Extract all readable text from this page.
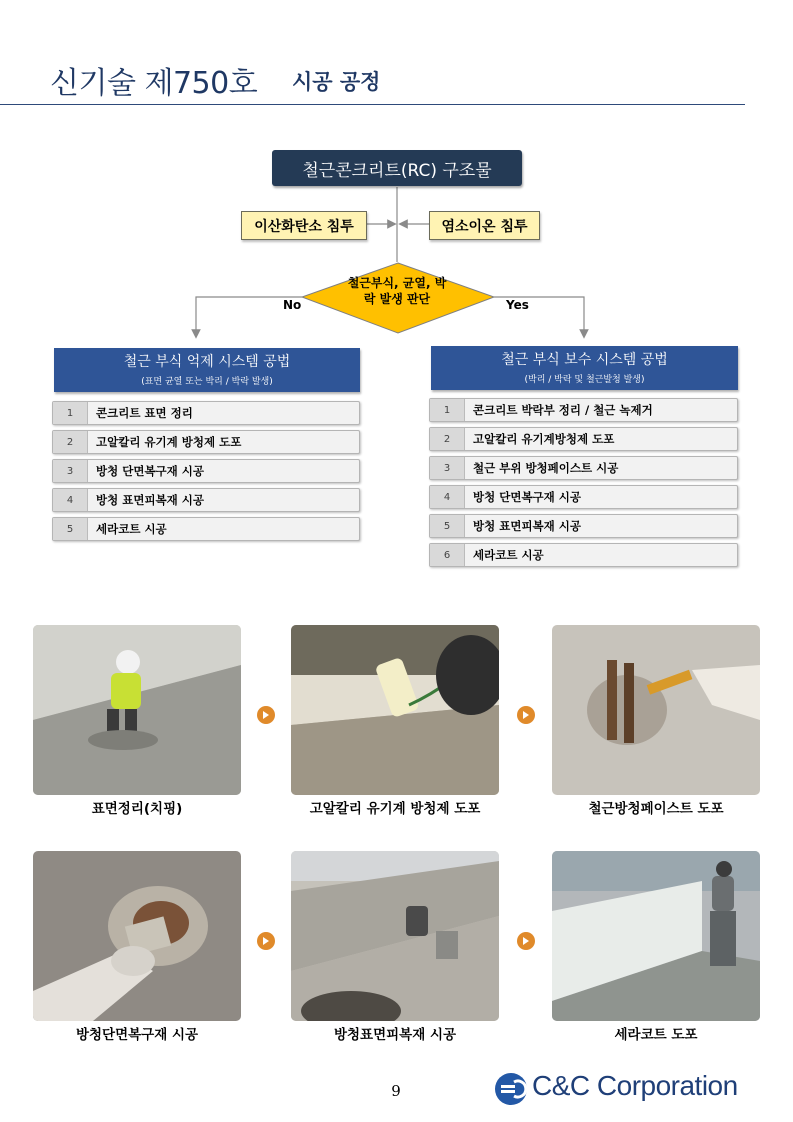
신기술 제750호 시공 공정
철근콘크리트(RC) 구조물
이산화탄소 침투	염소이온 침투
철근부식, 균열, 박락 발생 판단
No	Yes
철근 부식 억제 시스템 공법
(표면 균열 또는 박리 / 박락 발생)
1	콘크리트 표면 정리
2	고알칼리 유기계 방청제 도포
3	방청 단면복구재 시공
4	방청 표면피복재 시공
5	세라코트 시공
철근 부식 보수 시스템 공법
(박리 / 박락 및 철근발청 발생)
1	콘크리트 박락부 정리 / 철근 녹제거
2	고알칼리 유기계방청제 도포
3	철근 부위 방청페이스트 시공
4	방청 단면복구재 시공
5	방청 표면피복재 시공
6	세라코트 시공
표면정리(치핑)	고알칼리 유기계 방청제 도포	철근방청페이스트 도포
방청단면복구재 시공	방청표면피복재 시공	세라코트 도포
9	C&C Corporation
